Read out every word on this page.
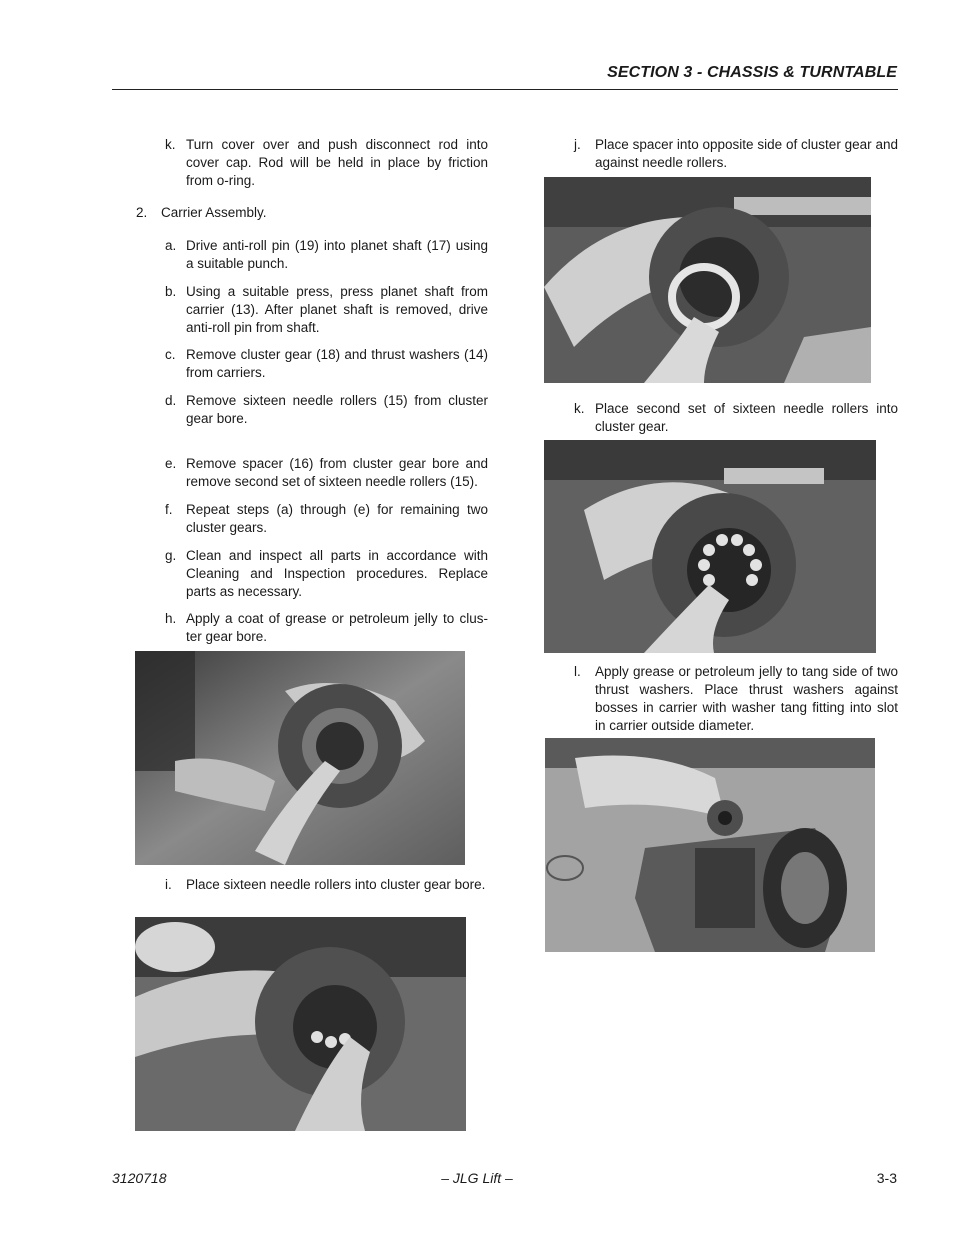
SECTION 3 - CHASSIS & TURNTABLE
k. Turn cover over and push disconnect rod into cover cap. Rod will be held in place by friction from o-ring.
2.	Carrier Assembly.
a. Drive anti-roll pin (19) into planet shaft (17) using a suitable punch.
b. Using a suitable press, press planet shaft from carrier (13). After planet shaft is removed, drive anti-roll pin from shaft.
c. Remove cluster gear (18) and thrust washers (14) from carriers.
d. Remove sixteen needle rollers (15) from cluster gear bore.
e. Remove spacer (16) from cluster gear bore and remove second set of sixteen needle rollers (15).
f. Repeat steps (a) through (e) for remaining two cluster gears.
g. Clean and inspect all parts in accordance with Cleaning and Inspection procedures. Replace parts as necessary.
h. Apply a coat of grease or petroleum jelly to clus-ter gear bore.
i.	Place sixteen needle rollers into cluster gear bore.
j.	Place spacer into opposite side of cluster gear and against needle rollers.
k. Place second set of sixteen needle rollers into cluster gear.
l.	Apply grease or petroleum jelly to tang side of two thrust washers. Place thrust washers against bosses in carrier with washer tang fitting into slot in carrier outside diameter.
– JLG Lift –
3120718	3-3
